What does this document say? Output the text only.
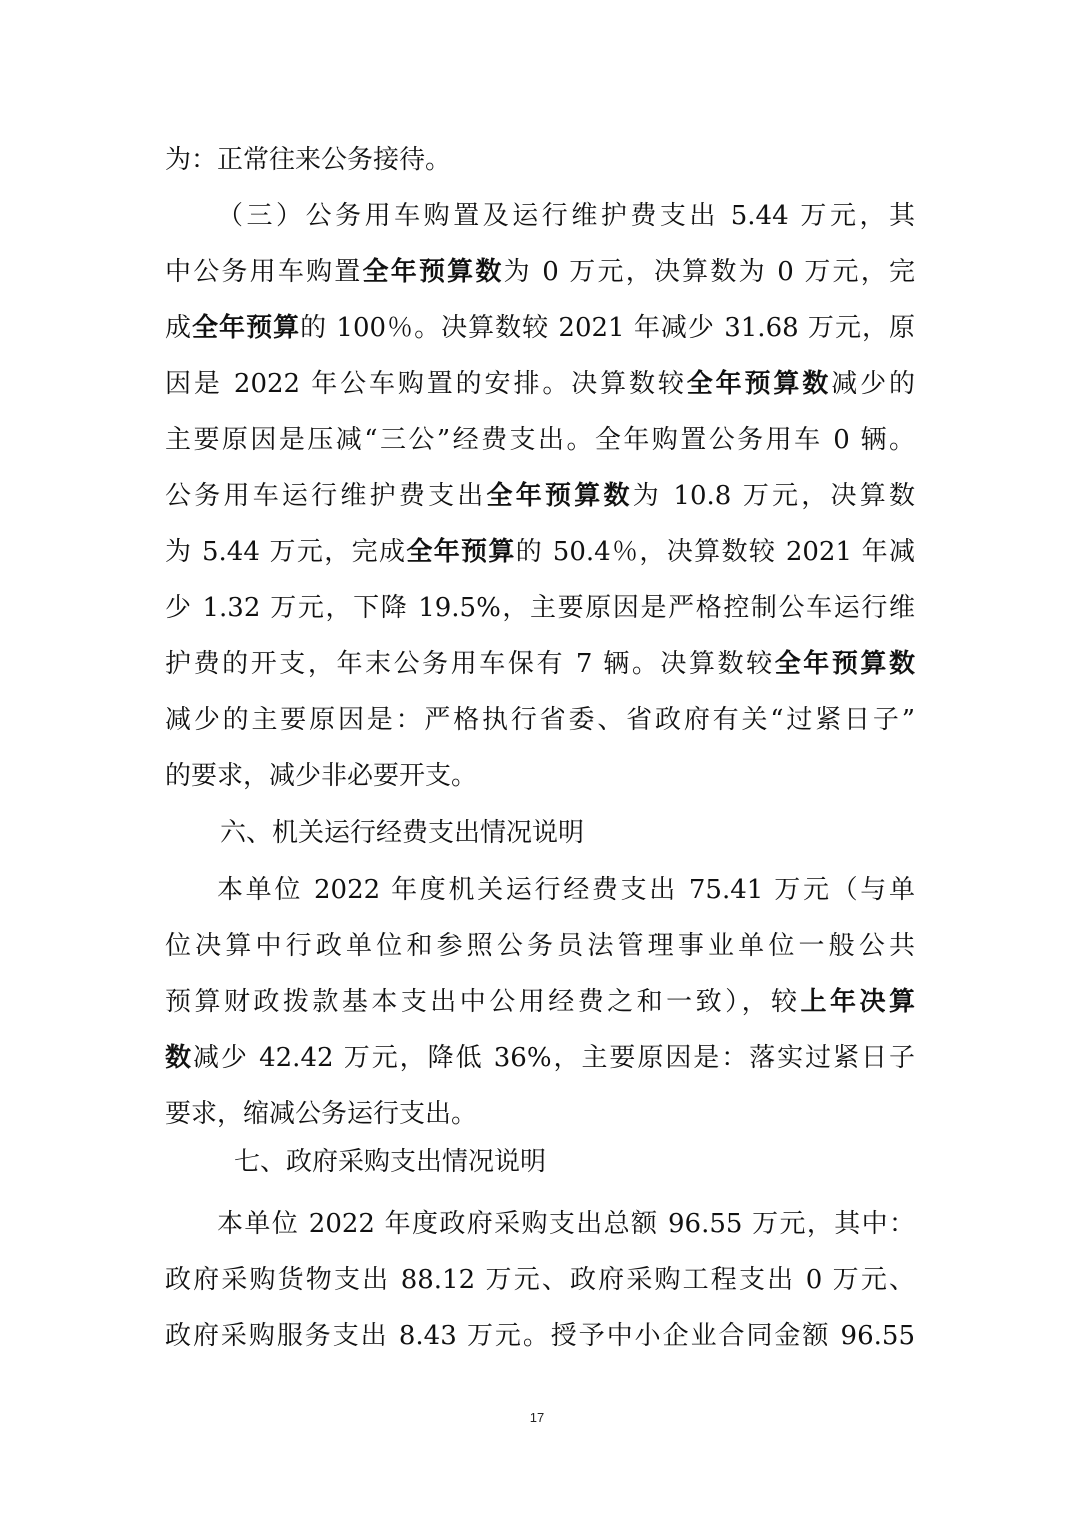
为：正常往来公务接待。
（三）公务用车购置及运行维护费支出 5.44 万元，其
中公务用车购置全年预算数为 0 万元，决算数为 0 万元，完
成全年预算的 100％。决算数较 2021 年减少 31.68 万元，原
因是 2022 年公车购置的安排。决算数较全年预算数减少的
主要原因是压减“三公”经费支出。全年购置公务用车 0 辆。
公务用车运行维护费支出全年预算数为 10.8 万元，决算数
为 5.44 万元，完成全年预算的 50.4％，决算数较 2021 年减
少 1.32 万元，下降 19.5%，主要原因是严格控制公车运行维
护费的开支，年末公务用车保有 7 辆。决算数较全年预算数
减少的主要原因是：严格执行省委、省政府有关“过紧日子”
的要求，减少非必要开支。
六、机关运行经费支出情况说明
本单位 2022 年度机关运行经费支出 75.41 万元（与单
位决算中行政单位和参照公务员法管理事业单位一般公共
预算财政拨款基本支出中公用经费之和一致），较上年决算
数减少 42.42 万元，降低 36%，主要原因是：落实过紧日子
要求，缩减公务运行支出。
七、政府采购支出情况说明
本单位 2022 年度政府采购支出总额 96.55 万元，其中：
政府采购货物支出 88.12 万元、政府采购工程支出 0 万元、
政府采购服务支出 8.43 万元。授予中小企业合同金额 96.55
17
